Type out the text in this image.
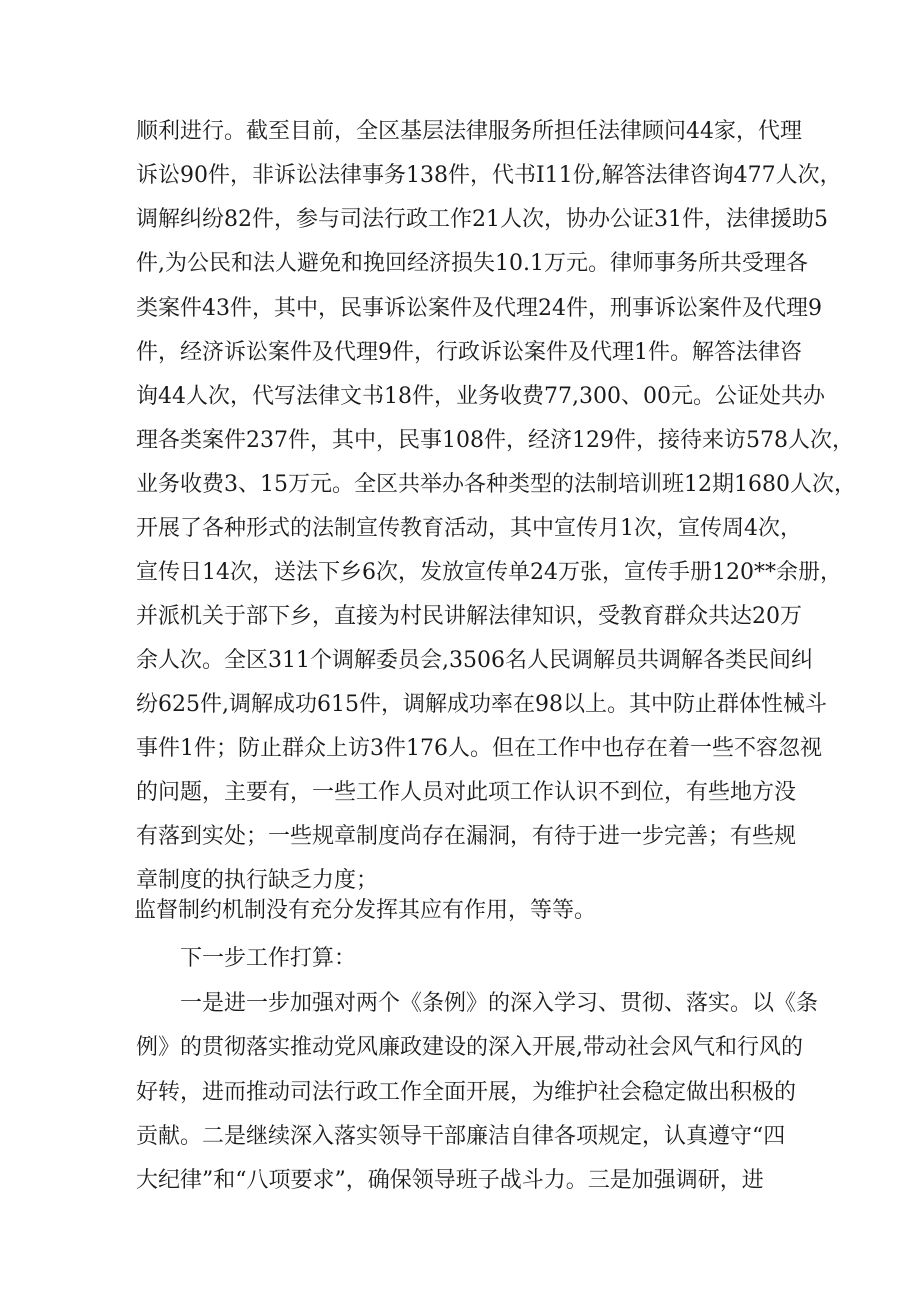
顺利进行。截至目前，全区基层法律服务所担任法律顾问44家，代理
诉讼90件，非诉讼法律事务138件，代书I11份,解答法律咨询477人次，
调解纠纷82件，参与司法行政工作21人次，协办公证31件，法律援助5
件,为公民和法人避免和挽回经济损失10.1万元。律师事务所共受理各
类案件43件，其中，民事诉讼案件及代理24件，刑事诉讼案件及代理9
件，经济诉讼案件及代理9件，行政诉讼案件及代理1件。解答法律咨
询44人次，代写法律文书18件，业务收费77,300、00元。公证处共办
理各类案件237件，其中，民事108件，经济129件，接待来访578人次，
业务收费3、15万元。全区共举办各种类型的法制培训班12期1680人次，
开展了各种形式的法制宣传教育活动，其中宣传月1次，宣传周4次，
宣传日14次，送法下乡6次，发放宣传单24万张，宣传手册120**余册，
并派机关于部下乡，直接为村民讲解法律知识，受教育群众共达20万
余人次。全区311个调解委员会,3506名人民调解员共调解各类民间纠
纷625件,调解成功615件，调解成功率在98以上。其中防止群体性械斗
事件1件；防止群众上访3件176人。但在工作中也存在着一些不容忽视
的问题，主要有，一些工作人员对此项工作认识不到位，有些地方没
有落到实处；一些规章制度尚存在漏洞，有待于进一步完善；有些规
章制度的执行缺乏力度；
监督制约机制没有充分发挥其应有作用，等等。
下一步工作打算：
一是进一步加强对两个《条例》的深入学习、贯彻、落实。以《条
例》的贯彻落实推动党风廉政建设的深入开展,带动社会风气和行风的
好转，进而推动司法行政工作全面开展，为维护社会稳定做出积极的
贡献。二是继续深入落实领导干部廉洁自律各项规定，认真遵守“四
大纪律”和“八项要求”，确保领导班子战斗力。三是加强调研，进
